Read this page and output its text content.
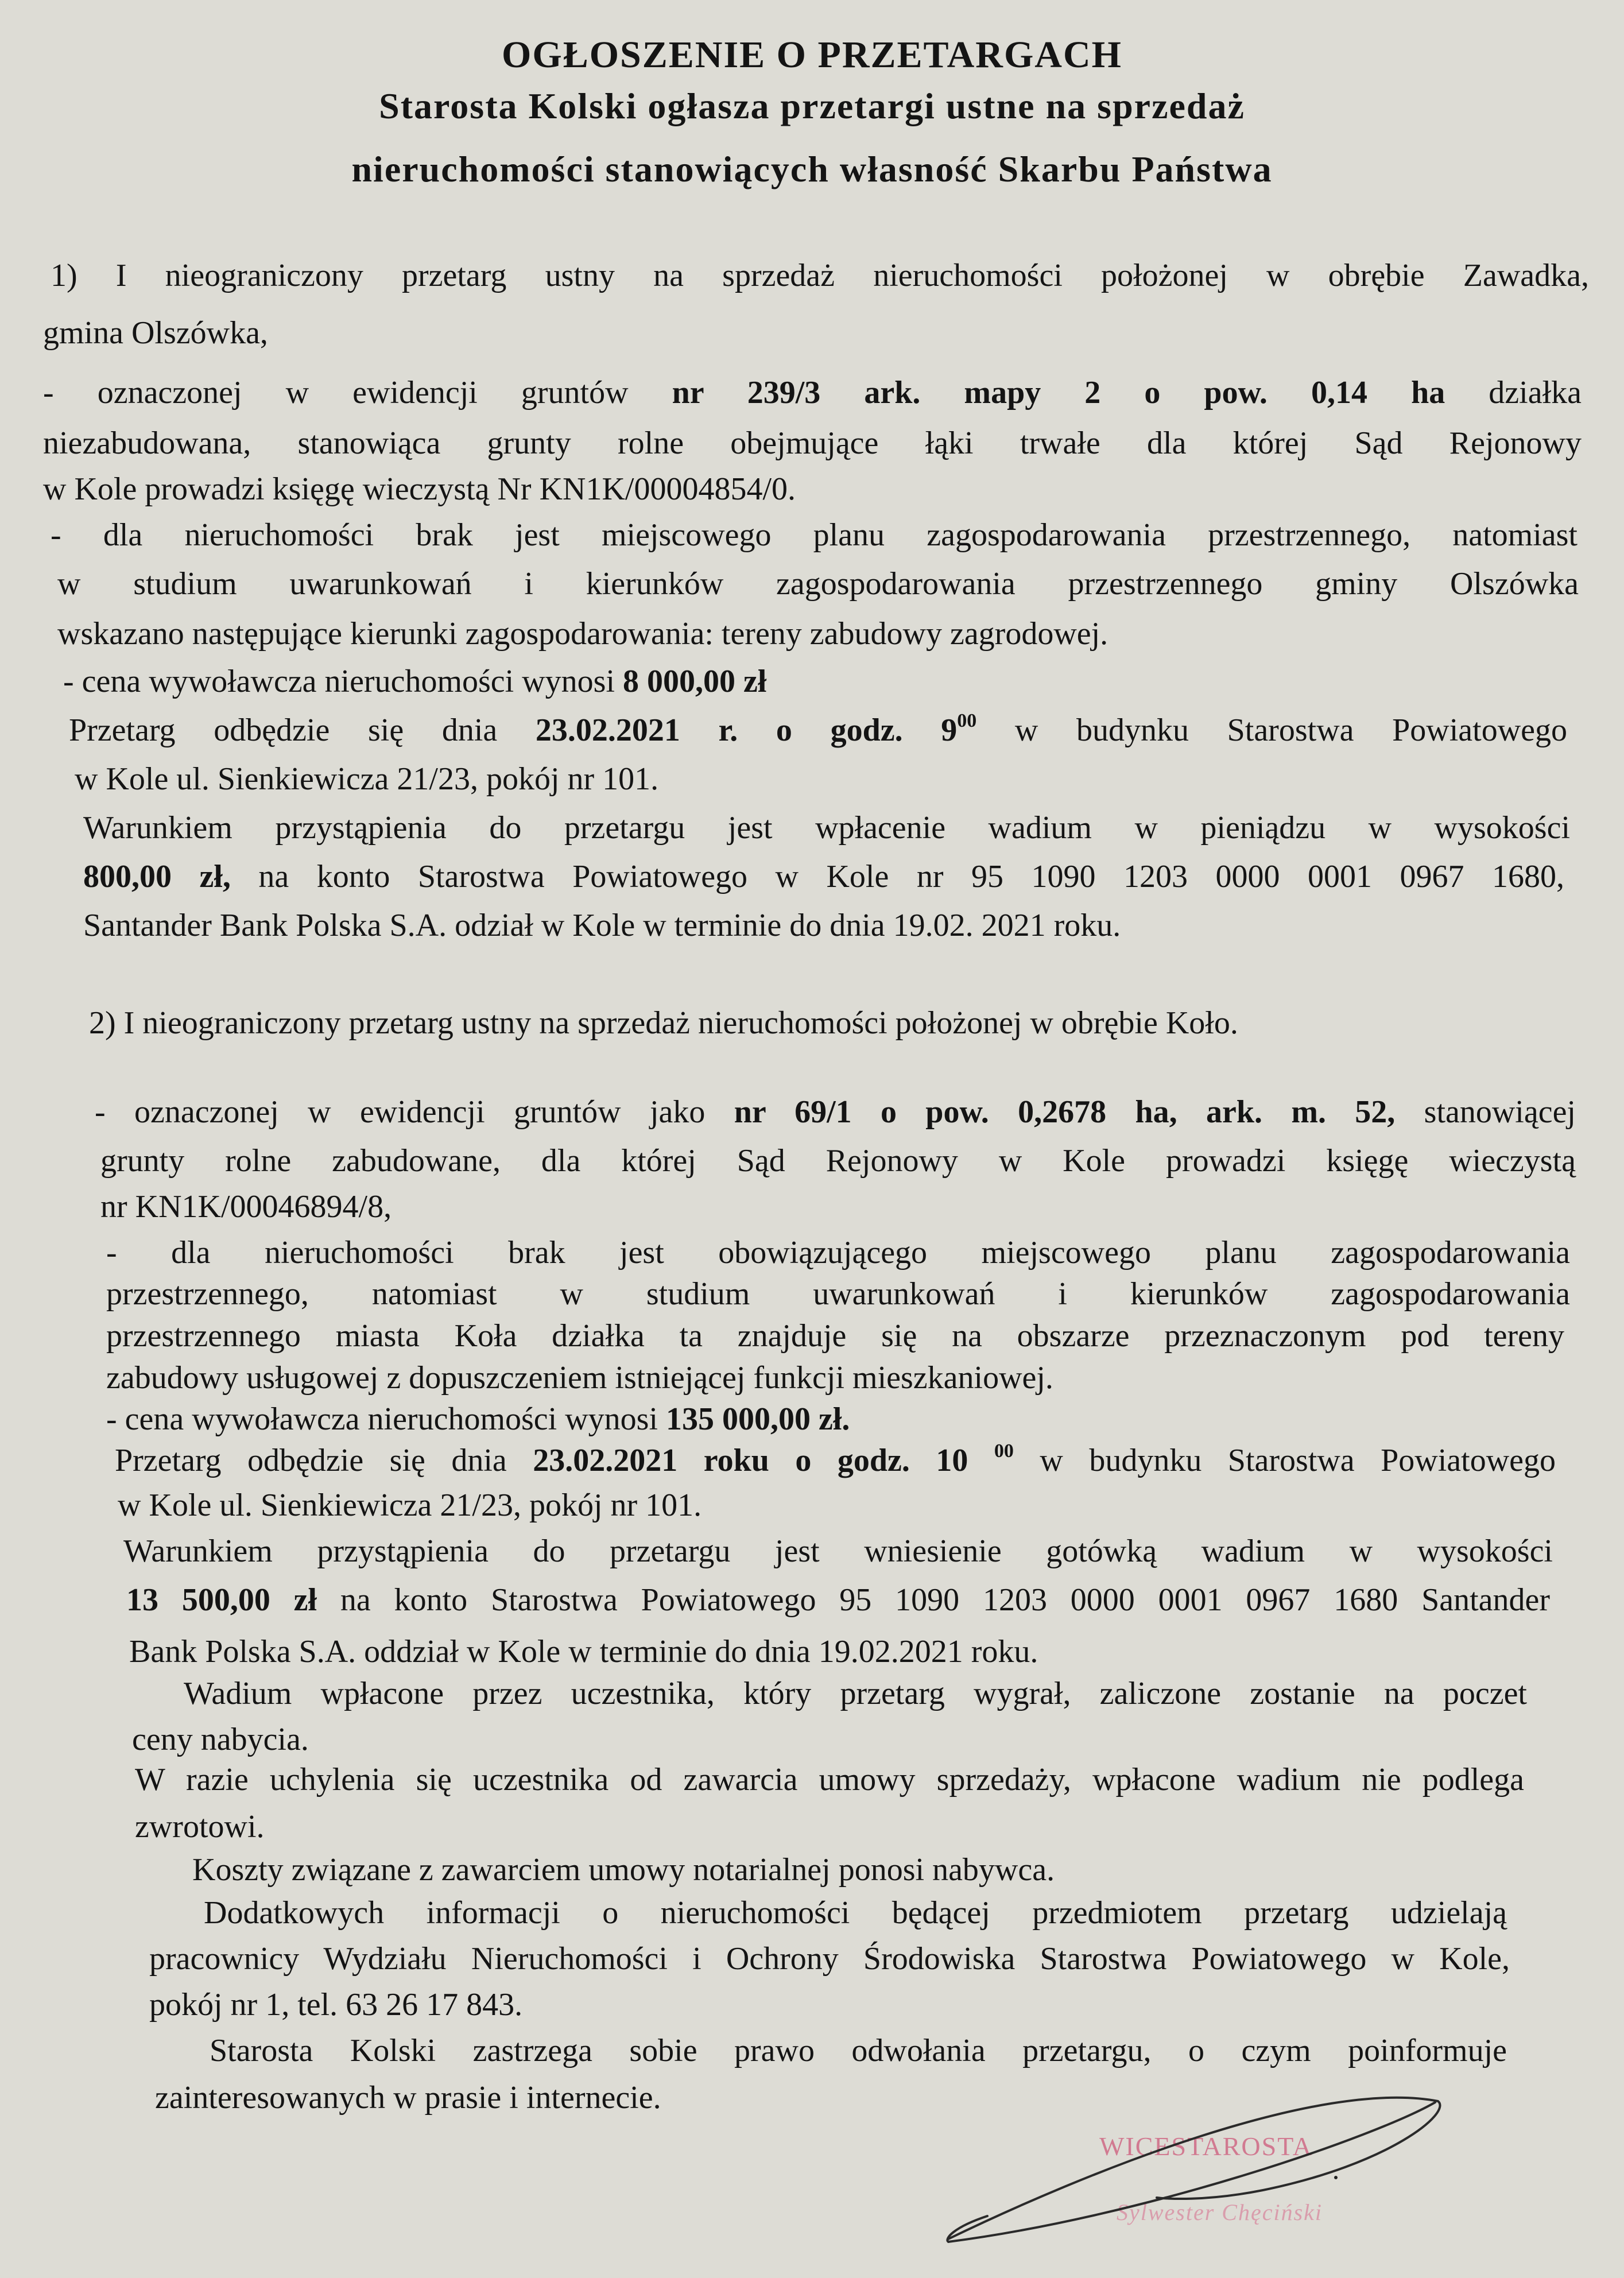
OGŁOSZENIE O PRZETARGACH
Starosta Kolski ogłasza przetargi ustne na sprzedaż
nieruchomości stanowiących własność Skarbu Państwa
1) I nieograniczony przetarg ustny na sprzedaż nieruchomości położonej w obrębie Zawadka,
gmina Olszówka,
- oznaczonej w ewidencji gruntów nr 239/3 ark. mapy 2 o pow. 0,14 ha działka
niezabudowana, stanowiąca grunty rolne obejmujące łąki trwałe dla której Sąd Rejonowy
w Kole prowadzi księgę wieczystą Nr KN1K/00004854/0.
- dla nieruchomości brak jest miejscowego planu zagospodarowania przestrzennego, natomiast
w studium uwarunkowań i kierunków zagospodarowania przestrzennego gminy Olszówka
wskazano następujące kierunki zagospodarowania: tereny zabudowy zagrodowej.
- cena wywoławcza nieruchomości wynosi 8 000,00 zł
Przetarg odbędzie się dnia 23.02.2021 r. o godz. $9^{00}$ w budynku Starostwa Powiatowego
w Kole ul. Sienkiewicza 21/23, pokój nr 101.
Warunkiem przystąpienia do przetargu jest wpłacenie wadium w pieniądzu w wysokości
800,00 zł, na konto Starostwa Powiatowego w Kole nr 95 1090 1203 0000 0001 0967 1680,
Santander Bank Polska S.A. odział w Kole w terminie do dnia 19.02. 2021 roku.
2) I nieograniczony przetarg ustny na sprzedaż nieruchomości położonej w obrębie Koło.
- oznaczonej w ewidencji gruntów jako nr 69/1 o pow. 0,2678 ha, ark. m. 52, stanowiącej
grunty rolne zabudowane, dla której Sąd Rejonowy w Kole prowadzi księgę wieczystą
nr KN1K/00046894/8,
- dla nieruchomości brak jest obowiązującego miejscowego planu zagospodarowania
przestrzennego, natomiast w studium uwarunkowań i kierunków zagospodarowania
przestrzennego miasta Koła działka ta znajduje się na obszarze przeznaczonym pod tereny
zabudowy usługowej z dopuszczeniem istniejącej funkcji mieszkaniowej.
- cena wywoławcza nieruchomości wynosi 135 000,00 zł.
Przetarg odbędzie się dnia 23.02.2021 roku o godz. 10 $^{00}$ w budynku Starostwa Powiatowego
w Kole ul. Sienkiewicza 21/23, pokój nr 101.
Warunkiem przystąpienia do przetargu jest wniesienie gotówką wadium w wysokości
13 500,00 zł na konto Starostwa Powiatowego 95 1090 1203 0000 0001 0967 1680 Santander
Bank Polska S.A. oddział w Kole w terminie do dnia 19.02.2021 roku.
Wadium wpłacone przez uczestnika, który przetarg wygrał, zaliczone zostanie na poczet
ceny nabycia.
W razie uchylenia się uczestnika od zawarcia umowy sprzedaży, wpłacone wadium nie podlega
zwrotowi.
Koszty związane z zawarciem umowy notarialnej ponosi nabywca.
Dodatkowych informacji o nieruchomości będącej przedmiotem przetarg udzielają
pracownicy Wydziału Nieruchomości i Ochrony Środowiska Starostwa Powiatowego w Kole,
pokój nr 1, tel. 63 26 17 843.
Starosta Kolski zastrzega sobie prawo odwołania przetargu, o czym poinformuje
zainteresowanych w prasie i internecie.
WICESTAROSTA
Sylwester Chęciński
